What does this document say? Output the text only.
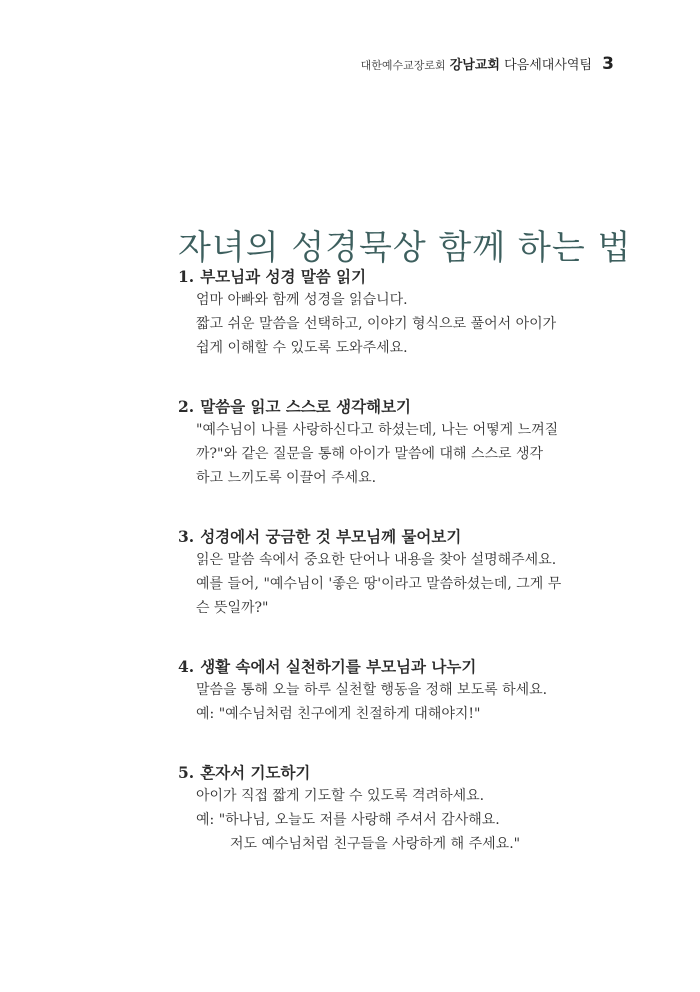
대한예수교장로회 강남교회 다음세대사역팀 3
자녀의 성경묵상 함께 하는 법
1. 부모님과 성경 말씀 읽기
엄마 아빠와 함께 성경을 읽습니다.
짧고 쉬운 말씀을 선택하고, 이야기 형식으로 풀어서 아이가
쉽게 이해할 수 있도록 도와주세요.
2. 말씀을 읽고 스스로 생각해보기
"예수님이 나를 사랑하신다고 하셨는데, 나는 어떻게 느껴질
까?"와 같은 질문을 통해 아이가 말씀에 대해 스스로 생각
하고 느끼도록 이끌어 주세요.
3. 성경에서 궁금한 것 부모님께 물어보기
읽은 말씀 속에서 중요한 단어나 내용을 찾아 설명해주세요.
예를 들어, "예수님이 '좋은 땅'이라고 말씀하셨는데, 그게 무
슨 뜻일까?"
4. 생활 속에서 실천하기를 부모님과 나누기
말씀을 통해 오늘 하루 실천할 행동을 정해 보도록 하세요.
예: "예수님처럼 친구에게 친절하게 대해야지!"
5. 혼자서 기도하기
아이가 직접 짧게 기도할 수 있도록 격려하세요.
예: "하나님, 오늘도 저를 사랑해 주셔서 감사해요.
저도 예수님처럼 친구들을 사랑하게 해 주세요."
